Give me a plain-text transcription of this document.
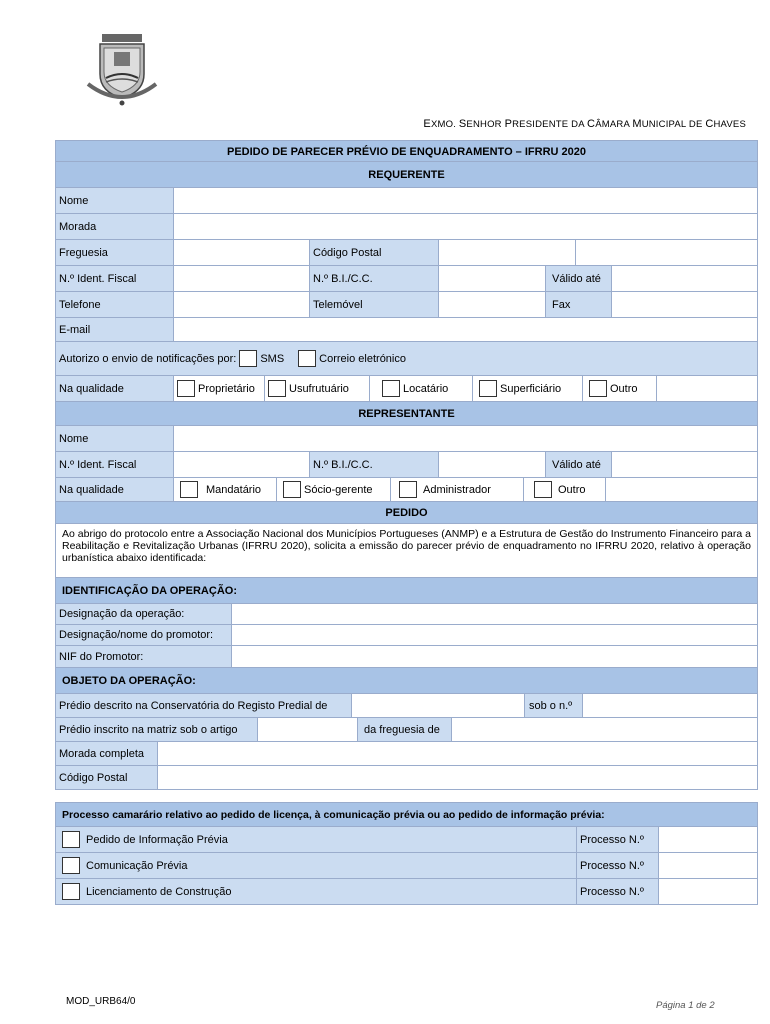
EXMO. SENHOR PRESIDENTE DA CÂMARA MUNICIPAL DE CHAVES
PEDIDO DE PARECER PRÉVIO DE ENQUADRAMENTO – IFRRU 2020
REQUERENTE
Nome
Morada
Freguesia	Código Postal
N.º Ident. Fiscal	N.º B.I./C.C.	Válido até
Telefone	Telemóvel	Fax
E-mail
Autorizo o envio de notificações por: SMS	Correio eletrónico
Na qualidade	Proprietário	Usufrutuário	Locatário	Superficiário	Outro
REPRESENTANTE
Nome
N.º Ident. Fiscal	N.º B.I./C.C.	Válido até
Na qualidade	Mandatário	Sócio-gerente	Administrador	Outro
PEDIDO
Ao abrigo do protocolo entre a Associação Nacional dos Municípios Portugueses (ANMP) e a Estrutura de Gestão do Instrumento Financeiro para a Reabilitação e Revitalização Urbanas (IFRRU 2020), solicita a emissão do parecer prévio de enquadramento no IFRRU 2020, relativo à operação urbanística abaixo identificada:
IDENTIFICAÇÃO DA OPERAÇÃO:
Designação da operação:
Designação/nome do promotor:
NIF do Promotor:
OBJETO DA OPERAÇÃO:
Prédio descrito na Conservatória do Registo Predial de	sob o n.º
Prédio inscrito na matriz sob o artigo	da freguesia de
Morada completa
Código Postal
Processo camarário relativo ao pedido de licença, à comunicação prévia ou ao pedido de informação prévia:
Pedido de Informação Prévia	Processo N.º
Comunicação Prévia	Processo N.º
Licenciamento de Construção	Processo N.º
MOD_URB64/0	Página 1 de 2
